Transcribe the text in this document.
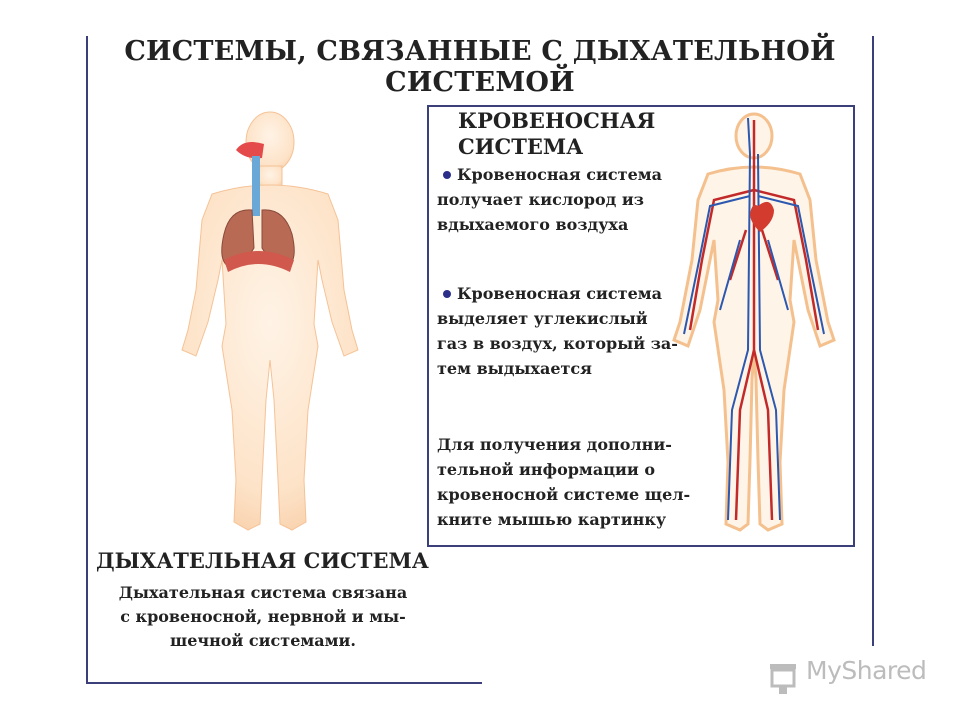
СИСТЕМЫ, СВЯЗАННЫЕ С ДЫХАТЕЛЬНОЙ
СИСТЕМОЙ
ДЫХАТЕЛЬНАЯ СИСТЕМА
Дыхательная система связана
с кровеносной, нервной и мы-
шечной системами.
КРОВЕНОСНАЯ
СИСТЕМА
Кровеносная система
получает кислород из
вдыхаемого воздуха
Кровеносная система
выделяет углекислый
газ в воздух, который за-
тем выдыхается
Для получения дополни-
тельной информации о
кровеносной системе щел-
кните мышью картинку
MyShared
